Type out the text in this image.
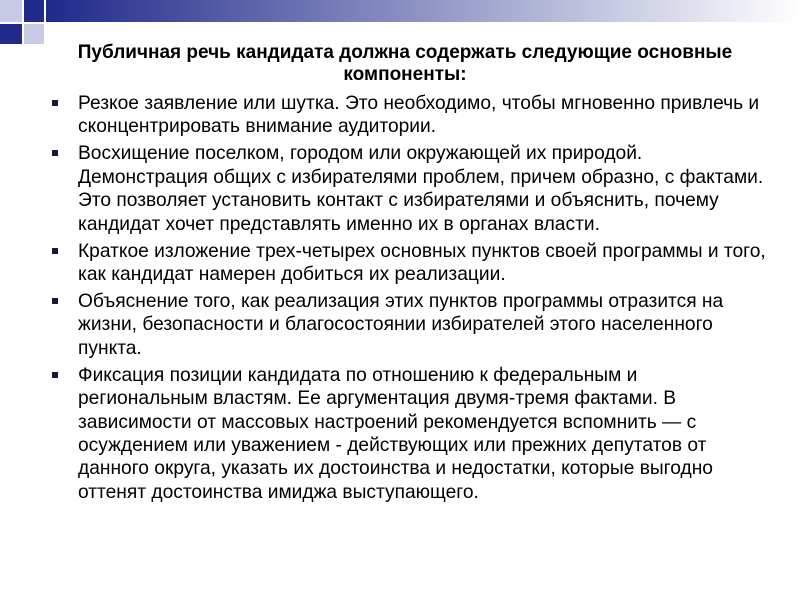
Публичная речь кандидата должна содержать следующие основные компоненты:
Резкое заявление или шутка. Это необходимо, чтобы мгновенно привлечь и сконцентрировать внимание аудитории.
Восхищение поселком, городом или окружающей их природой. Демонстрация общих с избирателями проблем, причем образно, с фактами. Это позволяет установить контакт с избирателями и объяснить, почему кандидат хочет представлять именно их в органах власти.
Краткое изложение трех-четырех основных пунктов своей программы и того, как кандидат намерен добиться их реализации.
Объяснение того, как реализация этих пунктов программы отразится на жизни, безопасности и благосостоянии избирателей этого населенного пункта.
Фиксация позиции кандидата по отношению к федеральным и региональным властям. Ее аргументация двумя-тремя фактами. В зависимости от массовых настроений рекомендуется вспомнить — с осуждением или уважением - действующих или прежних депутатов от данного округа, указать их достоинства и недостатки, которые выгодно оттенят достоинства имиджа выступающего.
